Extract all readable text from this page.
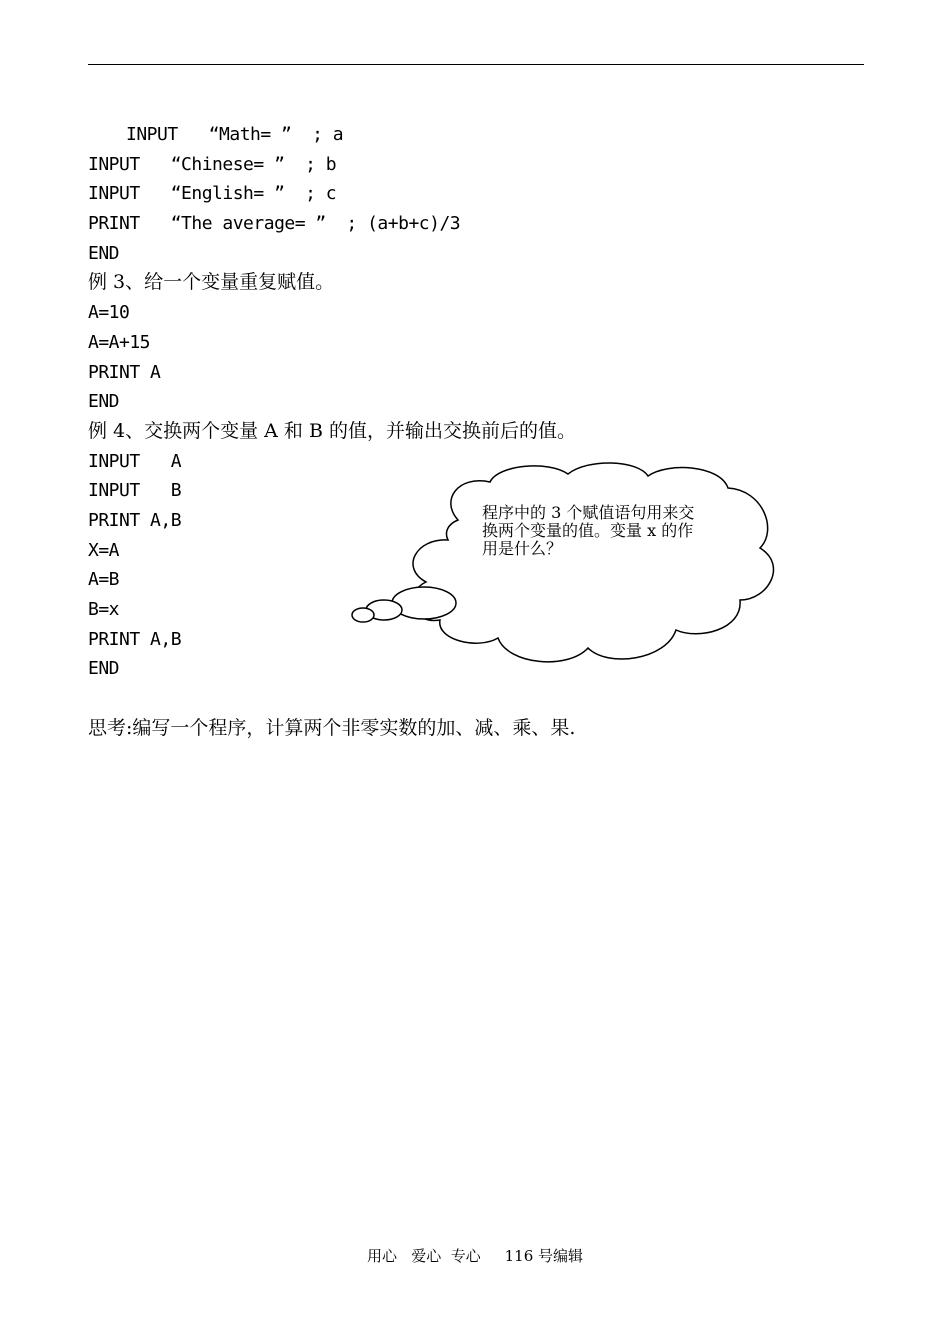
INPUT   “Math= ”  ; a
INPUT   “Chinese= ”  ; b
INPUT   “English= ”  ; c
PRINT   “The average= ”  ; (a+b+c)/3
END
例 3、给一个变量重复赋值。
A=10
A=A+15
PRINT A
END
例 4、交换两个变量 A 和 B 的值，并输出交换前后的值。
INPUT   A
INPUT   B
PRINT A,B
X=A
A=B
B=x
PRINT A,B
END
思考:编写一个程序，计算两个非零实数的加、减、乘、果.
程序中的 3 个赋值语句用来交换两个变量的值。变量 x 的作用是什么？
用心   爱心  专心     116 号编辑
